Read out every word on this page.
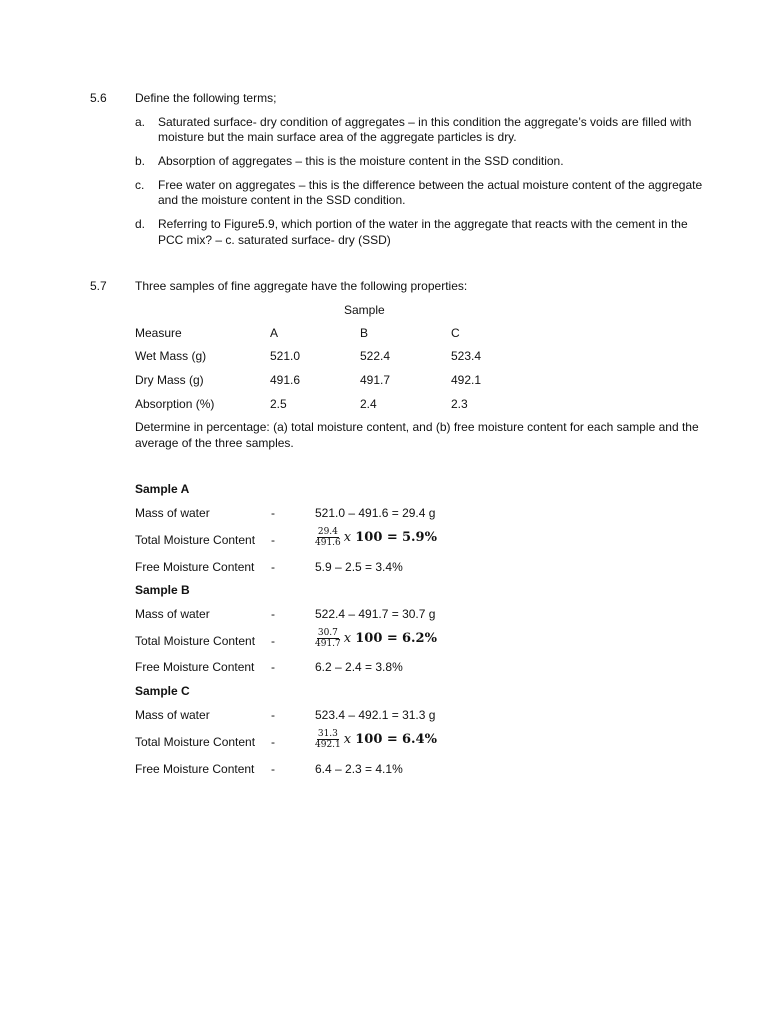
5.6 Define the following terms;
a. Saturated surface- dry condition of aggregates – in this condition the aggregate’s voids are filled with
moisture but the main surface area of the aggregate particles is dry.
b. Absorption of aggregates – this is the moisture content in the SSD condition.
c. Free water on aggregates – this is the difference between the actual moisture content of the aggregate
and the moisture content in the SSD condition.
d. Referring to Figure5.9, which portion of the water in the aggregate that reacts with the cement in the
PCC mix? – c. saturated surface- dry (SSD)
5.7 Three samples of fine aggregate have the following properties:
Sample
Measure	A	B	C
Wet Mass (g)	521.0	522.4	523.4
Dry Mass (g)	491.6	491.7	492.1
Absorption (%)	2.5	2.4	2.3
Determine in percentage: (a) total moisture content, and (b) free moisture content for each sample and the
average of the three samples.
Sample A
Mass of water	-	521.0 – 491.6 = 29.4 g
Total Moisture Content -	$\frac{29.4}{491.6}$ x 100 = 5.9%
Free Moisture Content -	5.9 – 2.5 = 3.4%
Sample B
Mass of water	-	522.4 – 491.7 = 30.7 g
Total Moisture Content -	$\frac{30.7}{491.7}$ x 100 = 6.2%
Free Moisture Content -	6.2 – 2.4 = 3.8%
Sample C
Mass of water	-	523.4 – 492.1 = 31.3 g
Total Moisture Content -	$\frac{31.3}{492.1}$ x 100 = 6.4%
Free Moisture Content -	6.4 – 2.3 = 4.1%
